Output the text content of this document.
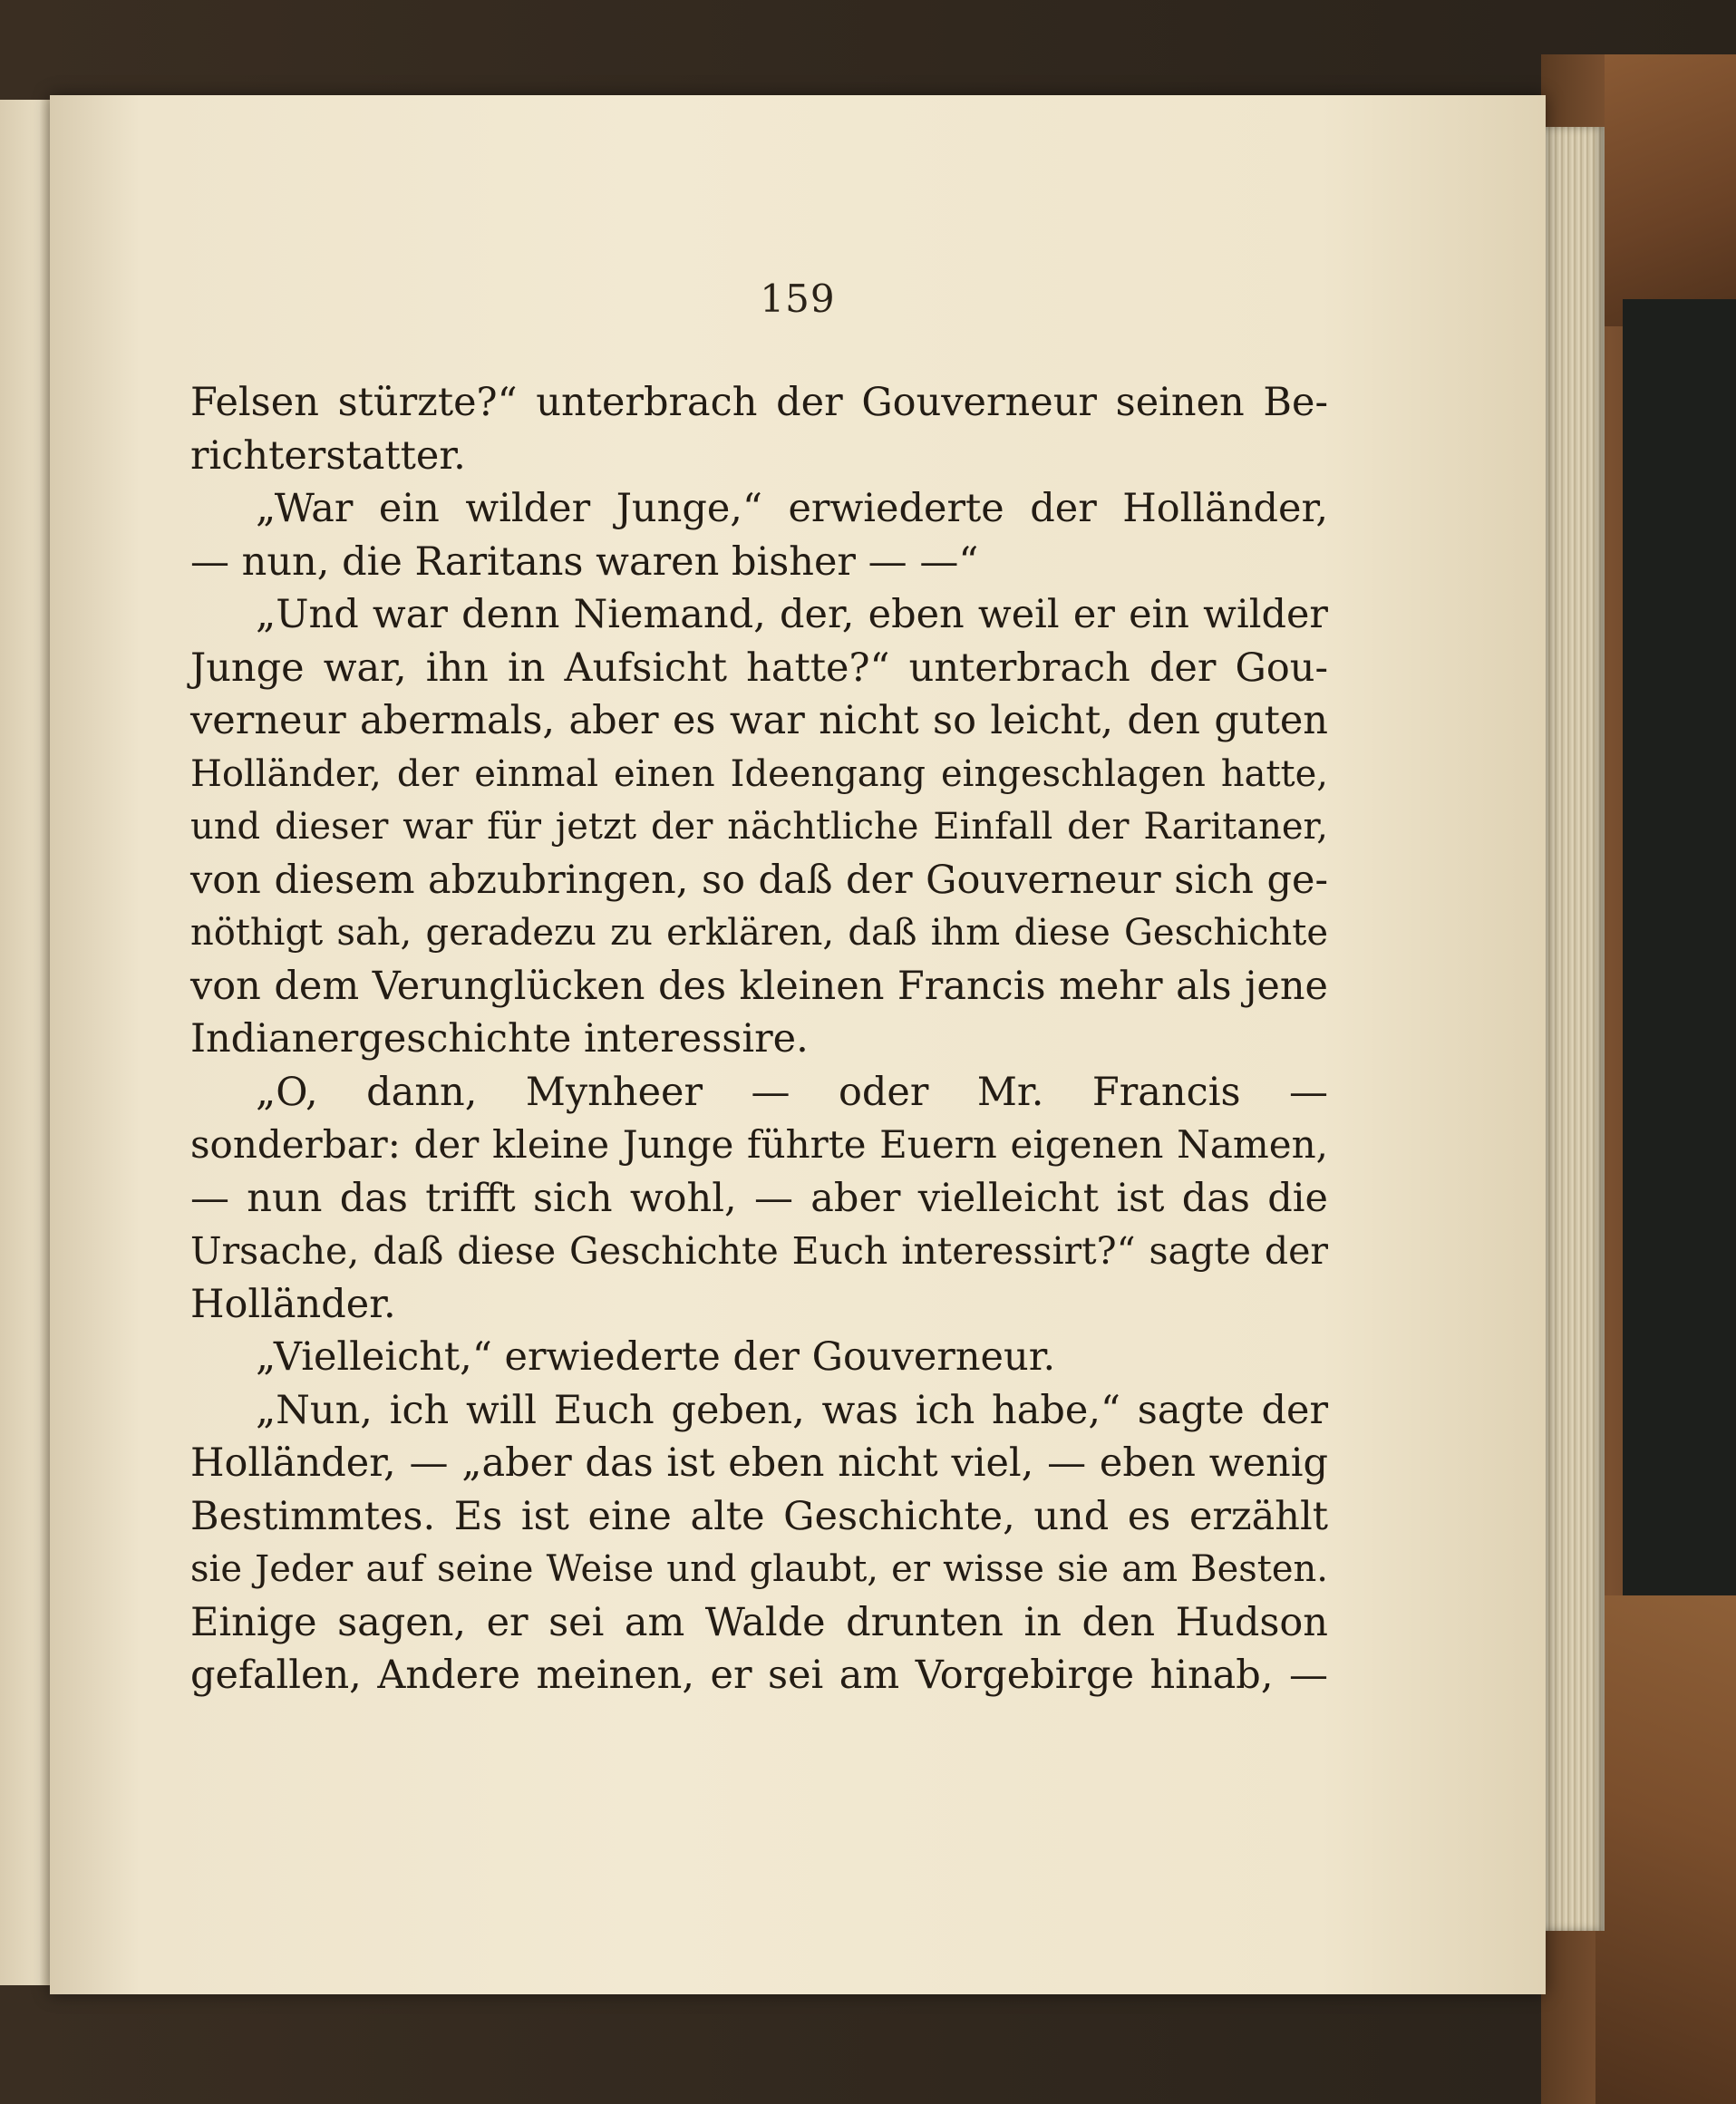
159
Felsen stürzte?“ unterbrach der Gouverneur seinen Be-
richterstatter.
„War ein wilder Junge,“ erwiederte der Holländer,
— nun, die Raritans waren bisher — —“
„Und war denn Niemand, der, eben weil er ein wilder
Junge war, ihn in Aufsicht hatte?“ unterbrach der Gou-
verneur abermals, aber es war nicht so leicht, den guten
Holländer, der einmal einen Ideengang eingeschlagen hatte,
und dieser war für jetzt der nächtliche Einfall der Raritaner,
von diesem abzubringen, so daß der Gouverneur sich ge-
nöthigt sah, geradezu zu erklären, daß ihm diese Geschichte
von dem Verunglücken des kleinen Francis mehr als jene
Indianergeschichte interessire.
„O, dann, Mynheer — oder Mr. Francis —
sonderbar: der kleine Junge führte Euern eigenen Namen,
— nun das trifft sich wohl, — aber vielleicht ist das die
Ursache, daß diese Geschichte Euch interessirt?“ sagte der
Holländer.
„Vielleicht,“ erwiederte der Gouverneur.
„Nun, ich will Euch geben, was ich habe,“ sagte der
Holländer, — „aber das ist eben nicht viel, — eben wenig
Bestimmtes. Es ist eine alte Geschichte, und es erzählt
sie Jeder auf seine Weise und glaubt, er wisse sie am Besten.
Einige sagen, er sei am Walde drunten in den Hudson
gefallen, Andere meinen, er sei am Vorgebirge hinab, —
